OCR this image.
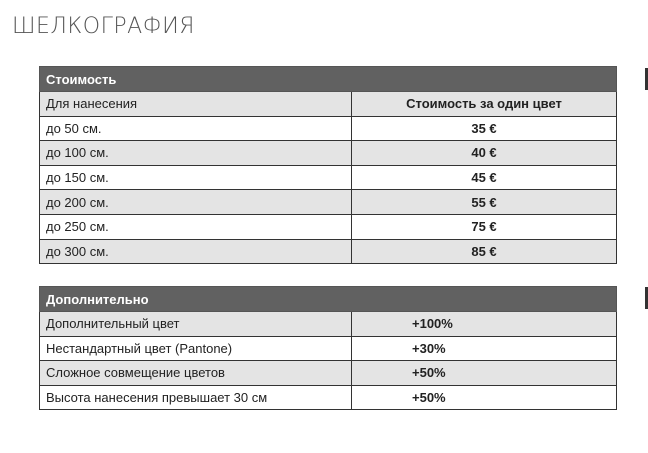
ШЕЛКОГРАФИЯ
Стоимость	
Для нанесения	Стоимость за один цвет
до 50 см.	35 €
до 100 см.	40 €
до 150 см.	45 €
до 200 см.	55 €
до 250 см.	75 €
до 300 см.	85 €
Дополнительно	
Дополнительный цвет	+100%
Нестандартный цвет (Pantone)	+30%
Сложное совмещение цветов	+50%
Высота нанесения превышает 30 см	+50%
